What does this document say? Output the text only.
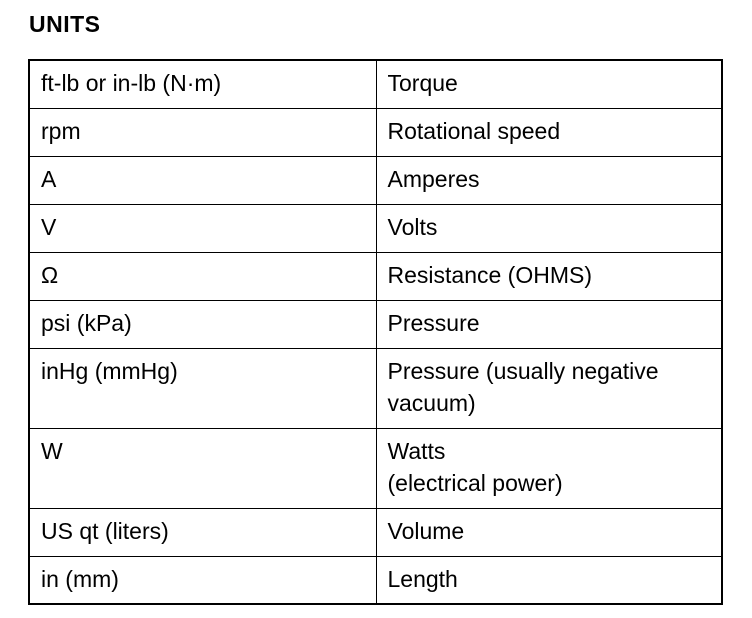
UNITS
ft-lb or in-lb (N·m)	Torque
rpm	Rotational speed
A	Amperes
V	Volts
Ω	Resistance (OHMS)
psi (kPa)	Pressure
inHg (mmHg)	Pressure (usually negative
vacuum)
W	Watts
(electrical power)
US qt (liters)	Volume
in (mm)	Length
